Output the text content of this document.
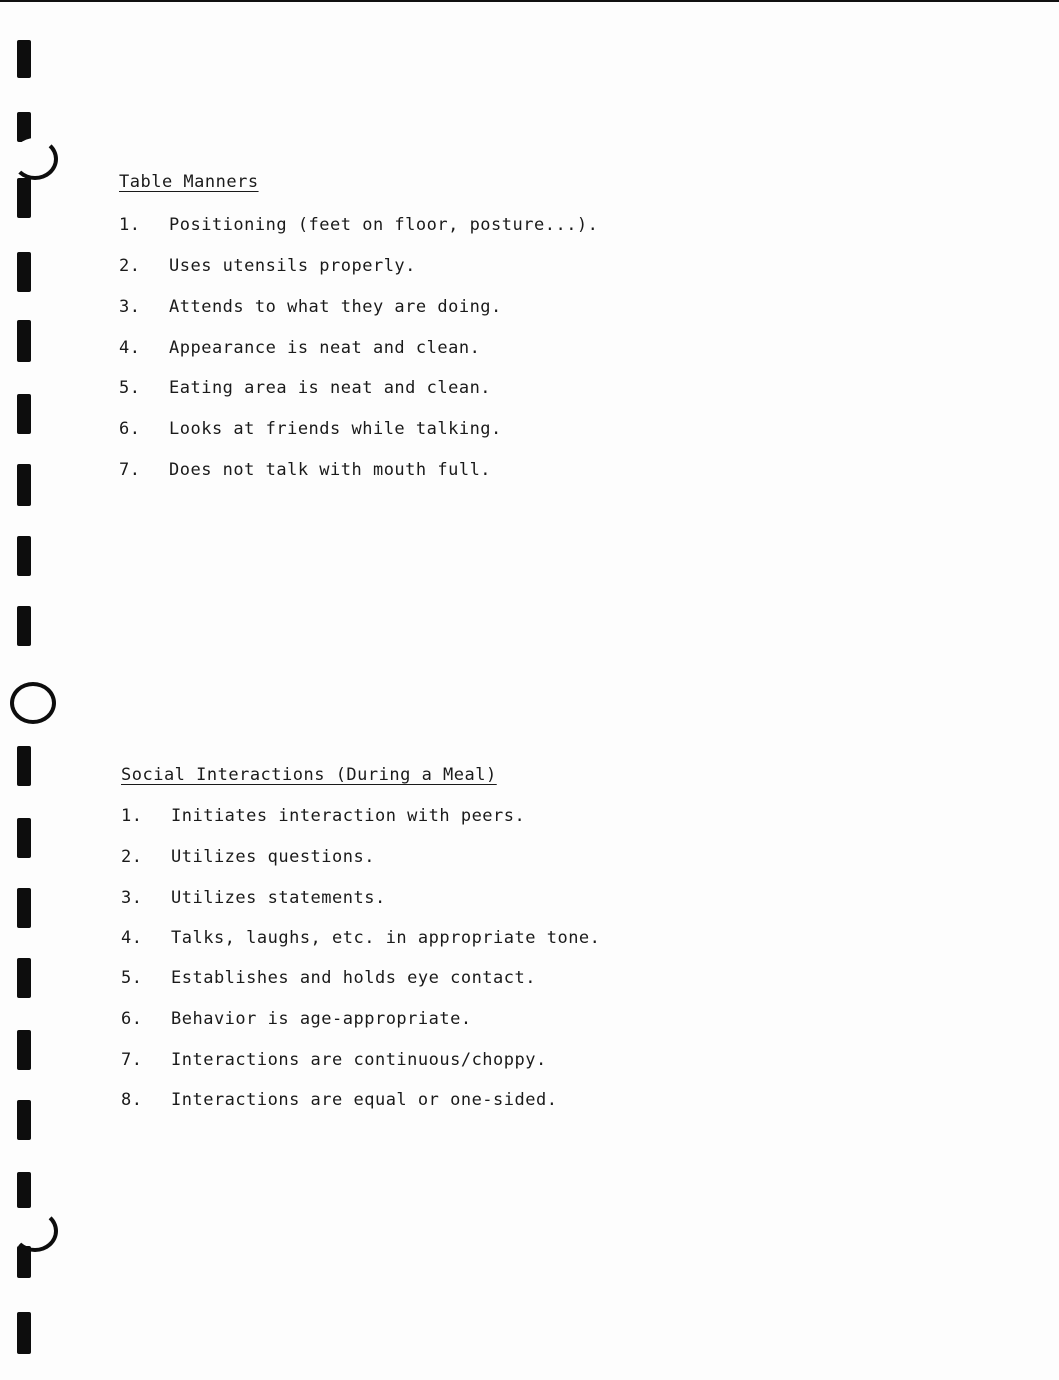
Table Manners
1. Positioning (feet on floor, posture...).
2. Uses utensils properly.
3. Attends to what they are doing.
4. Appearance is neat and clean.
5. Eating area is neat and clean.
6. Looks at friends while talking.
7. Does not talk with mouth full.
Social Interactions (During a Meal)
1. Initiates interaction with peers.
2. Utilizes questions.
3. Utilizes statements.
4. Talks, laughs, etc. in appropriate tone.
5. Establishes and holds eye contact.
6. Behavior is age-appropriate.
7. Interactions are continuous/choppy.
8. Interactions are equal or one-sided.
